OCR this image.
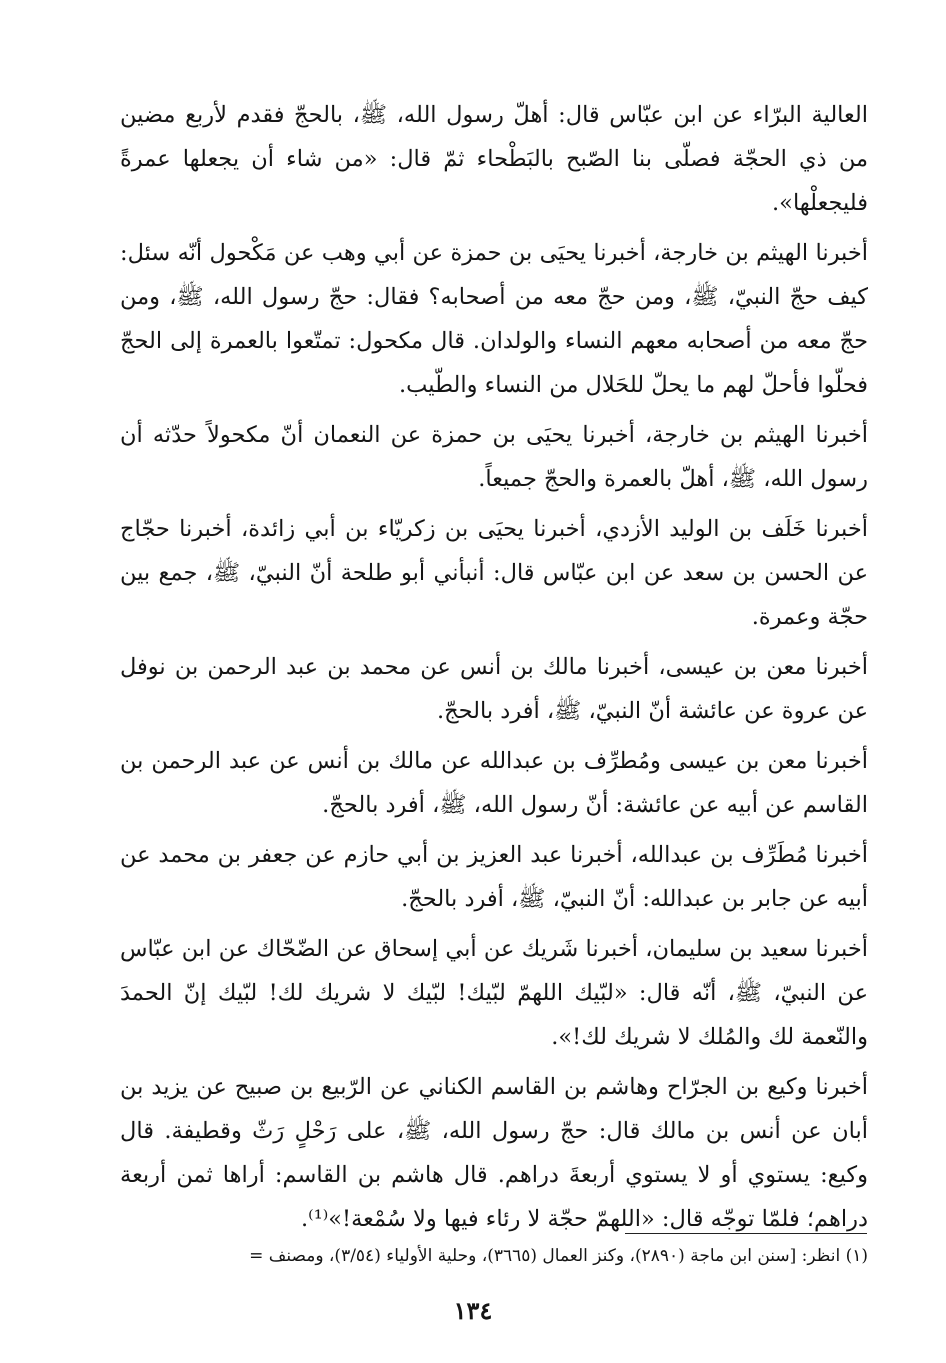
العالية البرّاء عن ابن عبّاس قال: أهلّ رسول الله، ﷺ، بالحجّ فقدم لأربع مضين من ذي الحجّة فصلّى بنا الصّبح بالبَطْحاء ثمّ قال: «من شاء أن يجعلها عمرةً فليجعلْها».

أخبرنا الهيثم بن خارجة، أخبرنا يحيَى بن حمزة عن أبي وهب عن مَكْحول أنّه سئل: كيف حجّ النبيّ، ﷺ، ومن حجّ معه من أصحابه؟ فقال: حجّ رسول الله، ﷺ، ومن حجّ معه من أصحابه معهم النساء والولدان. قال مكحول: تمتّعوا بالعمرة إلى الحجّ فحلّوا فأحلّ لهم ما يحلّ للحَلال من النساء والطّيب.

أخبرنا الهيثم بن خارجة، أخبرنا يحيَى بن حمزة عن النعمان أنّ مكحولاً حدّثه أن رسول الله، ﷺ، أهلّ بالعمرة والحجّ جميعاً.

أخبرنا خَلَف بن الوليد الأزدي، أخبرنا يحيَى بن زكريّاء بن أبي زائدة، أخبرنا حجّاج عن الحسن بن سعد عن ابن عبّاس قال: أنبأني أبو طلحة أنّ النبيّ، ﷺ، جمع بين حجّة وعمرة.

أخبرنا معن بن عيسى، أخبرنا مالك بن أنس عن محمد بن عبد الرحمن بن نوفل عن عروة عن عائشة أنّ النبيّ، ﷺ، أفرد بالحجّ.

أخبرنا معن بن عيسى ومُطرِّف بن عبدالله عن مالك بن أنس عن عبد الرحمن بن القاسم عن أبيه عن عائشة: أنّ رسول الله، ﷺ، أفرد بالحجّ.

أخبرنا مُطَرِّف بن عبدالله، أخبرنا عبد العزيز بن أبي حازم عن جعفر بن محمد عن أبيه عن جابر بن عبدالله: أنّ النبيّ، ﷺ، أفرد بالحجّ.

أخبرنا سعيد بن سليمان، أخبرنا شَريك عن أبي إسحاق عن الضّحّاك عن ابن عبّاس عن النبيّ، ﷺ، أنّه قال: «لبّيك اللهمّ لبّيك! لبّيك لا شريك لك! لبّيك إنّ الحمدَ والنّعمة لك والمُلك لا شريك لك!».

أخبرنا وكيع بن الجرّاح وهاشم بن القاسم الكناني عن الرّبيع بن صبيح عن يزيد بن أبان عن أنس بن مالك قال: حجّ رسول الله، ﷺ، على رَحْلٍ رَثّ وقطيفة. قال وكيع: يستوي أو لا يستوي أربعةَ دراهم. قال هاشم بن القاسم: أراها ثمن أربعة دراهم؛ فلمّا توجّه قال: «اللهمّ حجّة لا رئاء فيها ولا سُمْعة!»⁽¹⁾.

(١) انظر: [سنن ابن ماجة (٢٨٩٠)، وكنز العمال (٣٦٦٥)، وحلية الأولياء (٣/٥٤)، ومصنف =
١٣٤
